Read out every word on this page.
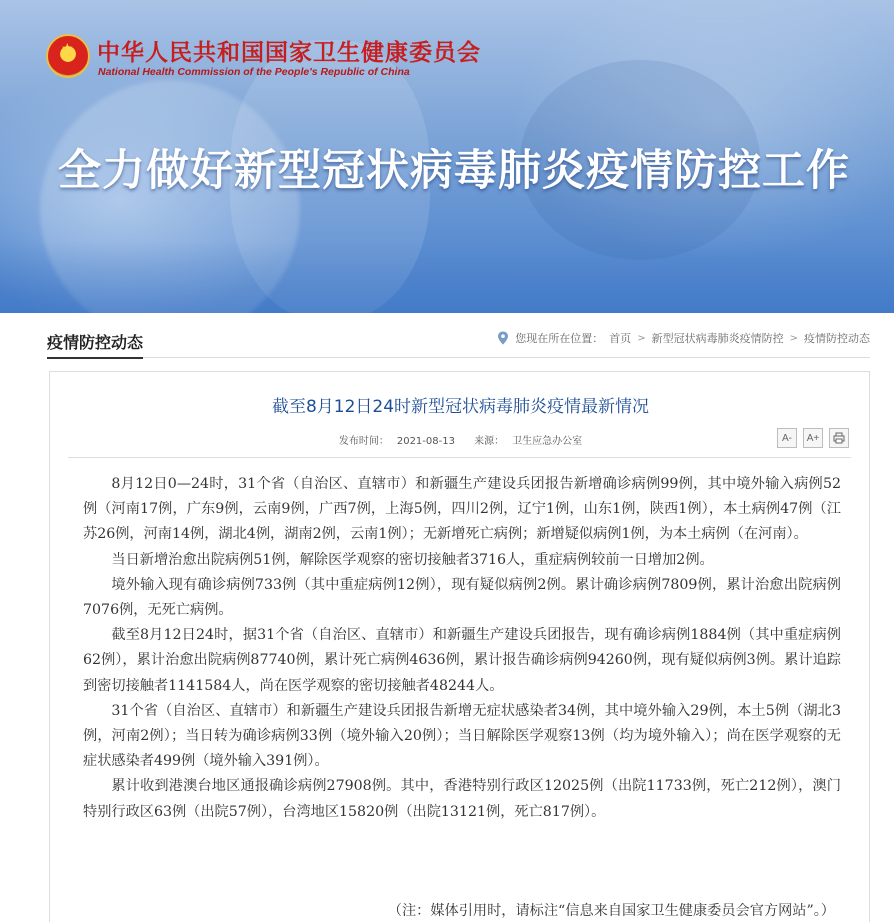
★ 中华人民共和国国家卫生健康委员会
National Health Commission of the People's Republic of China
全力做好新型冠状病毒肺炎疫情防控工作
疫情防控动态	您现在所在位置： 首页 > 新型冠状病毒肺炎疫情防控 > 疫情防控动态
截至8月12日24时新型冠状病毒肺炎疫情最新情况
发布时间： 2021-08-13 来源： 卫生应急办公室	A-	A+

8月12日0—24时，31个省（自治区、直辖市）和新疆生产建设兵团报告新增确诊病例99例，其中境外输入病例52例（河南17例，广东9例，云南9例，广西7例，上海5例，四川2例，辽宁1例，山东1例，陕西1例），本土病例47例（江苏26例，河南14例，湖北4例，湖南2例，云南1例）；无新增死亡病例；新增疑似病例1例，为本土病例（在河南）。

当日新增治愈出院病例51例，解除医学观察的密切接触者3716人，重症病例较前一日增加2例。

境外输入现有确诊病例733例（其中重症病例12例），现有疑似病例2例。累计确诊病例7809例，累计治愈出院病例7076例，无死亡病例。

截至8月12日24时，据31个省（自治区、直辖市）和新疆生产建设兵团报告，现有确诊病例1884例（其中重症病例62例），累计治愈出院病例87740例，累计死亡病例4636例，累计报告确诊病例94260例，现有疑似病例3例。累计追踪到密切接触者1141584人，尚在医学观察的密切接触者48244人。

31个省（自治区、直辖市）和新疆生产建设兵团报告新增无症状感染者34例，其中境外输入29例，本土5例（湖北3例，河南2例）；当日转为确诊病例33例（境外输入20例）；当日解除医学观察13例（均为境外输入）；尚在医学观察的无症状感染者499例（境外输入391例）。

累计收到港澳台地区通报确诊病例27908例。其中，香港特别行政区12025例（出院11733例，死亡212例），澳门特别行政区63例（出院57例），台湾地区15820例（出院13121例，死亡817例）。

（注：媒体引用时，请标注“信息来自国家卫生健康委员会官方网站”。）
